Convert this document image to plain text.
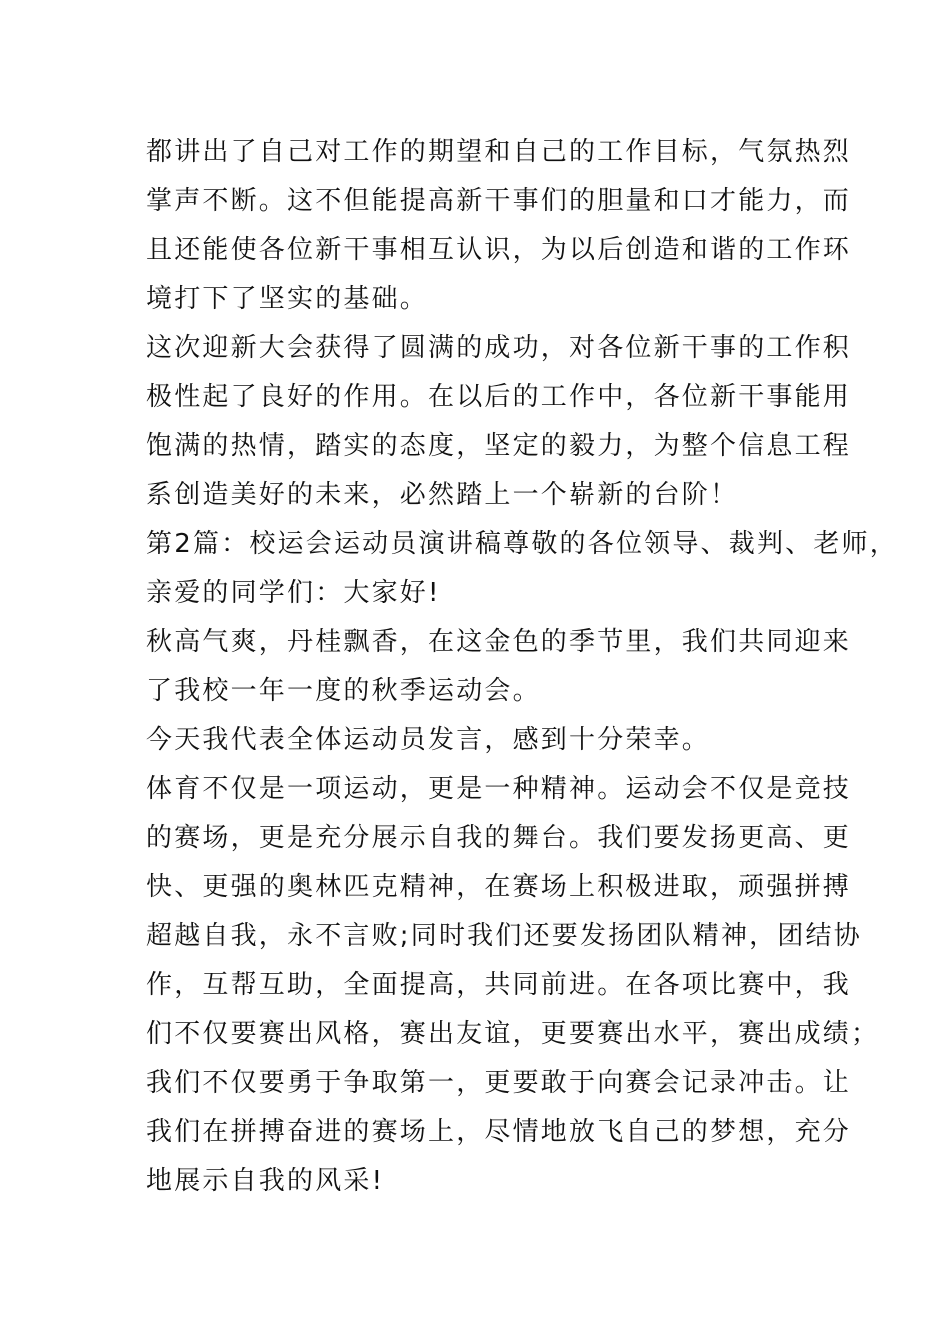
都讲出了自己对工作的期望和自己的工作目标，气氛热烈
掌声不断。这不但能提高新干事们的胆量和口才能力，而
且还能使各位新干事相互认识，为以后创造和谐的工作环
境打下了坚实的基础。
这次迎新大会获得了圆满的成功，对各位新干事的工作积
极性起了良好的作用。在以后的工作中，各位新干事能用
饱满的热情，踏实的态度，坚定的毅力，为整个信息工程
系创造美好的未来，必然踏上一个崭新的台阶！
第2篇：校运会运动员演讲稿尊敬的各位领导、裁判、老师，
亲爱的同学们：大家好!
秋高气爽，丹桂飘香，在这金色的季节里，我们共同迎来
了我校一年一度的秋季运动会。
今天我代表全体运动员发言，感到十分荣幸。
体育不仅是一项运动，更是一种精神。运动会不仅是竞技
的赛场，更是充分展示自我的舞台。我们要发扬更高、更
快、更强的奥林匹克精神，在赛场上积极进取，顽强拼搏
超越自我，永不言败;同时我们还要发扬团队精神，团结协
作，互帮互助，全面提高，共同前进。在各项比赛中，我
们不仅要赛出风格，赛出友谊，更要赛出水平，赛出成绩；
我们不仅要勇于争取第一，更要敢于向赛会记录冲击。让
我们在拼搏奋进的赛场上，尽情地放飞自己的梦想，充分
地展示自我的风采!
